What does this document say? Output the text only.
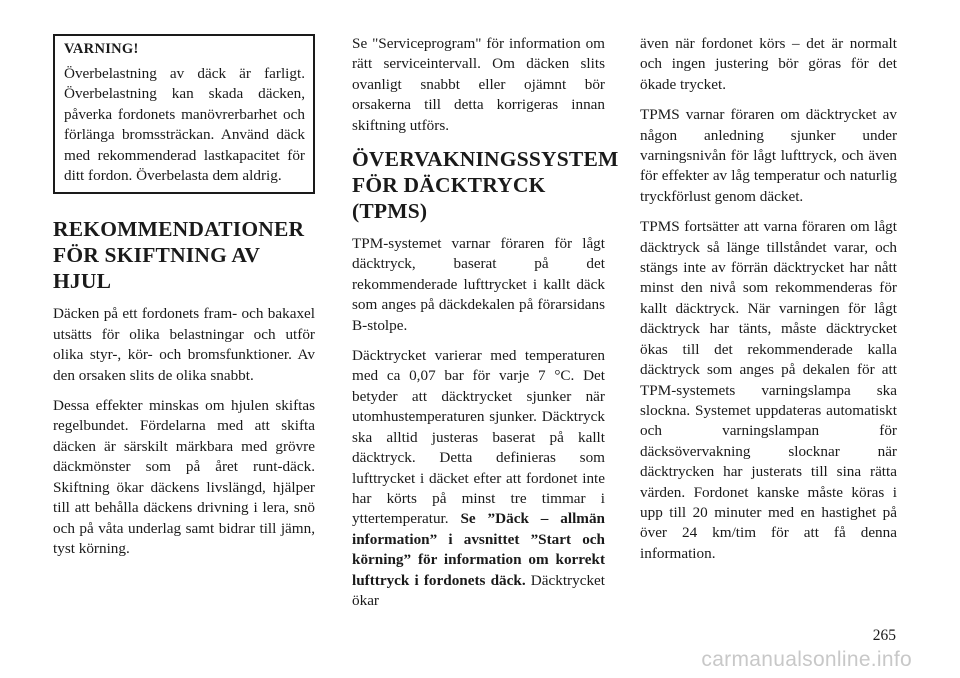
VARNING!

Överbelastning av däck är farligt. Överbelastning kan skada däcken, påverka fordonets manövrerbarhet och förlänga bromssträckan. Använd däck med rekommenderad lastkapacitet för ditt fordon. Överbelasta dem aldrig.

REKOMMENDATIONER FÖR SKIFTNING AV HJUL

Däcken på ett fordonets fram- och bakaxel utsätts för olika belastningar och utför olika styr-, kör- och bromsfunktioner. Av den orsaken slits de olika snabbt.

Dessa effekter minskas om hjulen skiftas regelbundet. Fördelarna med att skifta däcken är särskilt märkbara med grövre däckmönster som på året runt-däck. Skiftning ökar däckens livslängd, hjälper till att behålla däckens drivning i lera, snö och på våta underlag samt bidrar till jämn, tyst körning.

Se "Serviceprogram" för information om rätt serviceintervall. Om däcken slits ovanligt snabbt eller ojämnt bör orsakerna till detta korrigeras innan skiftning utförs.

ÖVERVAKNINGSSYSTEM FÖR DÄCKTRYCK (TPMS)

TPM-systemet varnar föraren för lågt däcktryck, baserat på det rekommenderade lufttrycket i kallt däck som anges på däckdekalen på förarsidans B-stolpe.

Däcktrycket varierar med temperaturen med ca 0,07 bar för varje 7 °C. Det betyder att däcktrycket sjunker när utomhustemperaturen sjunker. Däcktryck ska alltid justeras baserat på kallt däcktryck. Detta definieras som lufttrycket i däcket efter att fordonet inte har körts på minst tre timmar i yttertemperatur. Se ”Däck – allmän information” i avsnittet ”Start och körning” för information om korrekt lufttryck i fordonets däck. Däcktrycket ökar

även när fordonet körs – det är normalt och ingen justering bör göras för det ökade trycket.

TPMS varnar föraren om däcktrycket av någon anledning sjunker under varningsnivån för lågt lufttryck, och även för effekter av låg temperatur och naturlig tryckförlust genom däcket.

TPMS fortsätter att varna föraren om lågt däcktryck så länge tillståndet varar, och stängs inte av förrän däcktrycket har nått minst den nivå som rekommenderas för kallt däcktryck. När varningen för lågt däcktryck har tänts, måste däcktrycket ökas till det rekommenderade kalla däcktryck som anges på dekalen för att TPM-systemets varningslampa ska slockna. Systemet uppdateras automatiskt och varningslampan för däcksövervakning slocknar när däcktrycken har justerats till sina rätta värden. Fordonet kanske måste köras i upp till 20 minuter med en hastighet på över 24 km/tim för att få denna information.

265
carmanualsonline.info
